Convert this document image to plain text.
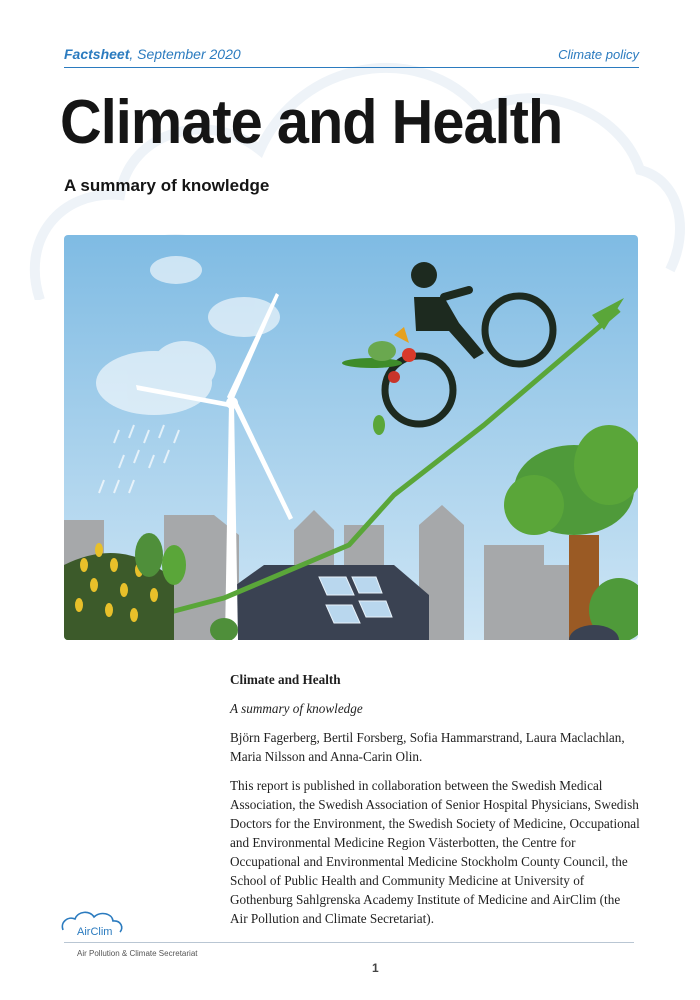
Factsheet, September 2020	Climate policy
Climate and Health
A summary of knowledge
Climate and Health
A summary of knowledge
Björn Fagerberg, Bertil Forsberg, Sofia Hammarstrand, Laura Maclachlan, Maria Nilsson and Anna-Carin Olin.
This report is published in collaboration between the Swedish Medical Association, the Swedish Association of Senior Hospital Physicians, Swedish Doctors for the Environment, the Swedish Society of Medicine, Occupational and Environmental Medicine Region Västerbotten, the Centre for Occupational and Environmental Medicine Stockholm County Council, the School of Public Health and Community Medicine at University of Gothenburg Sahlgrenska Academy Institute of Medicine and AirClim (the Air Pollution and Climate Secretariat).
AirClim
Air Pollution & Climate Secretariat
1
